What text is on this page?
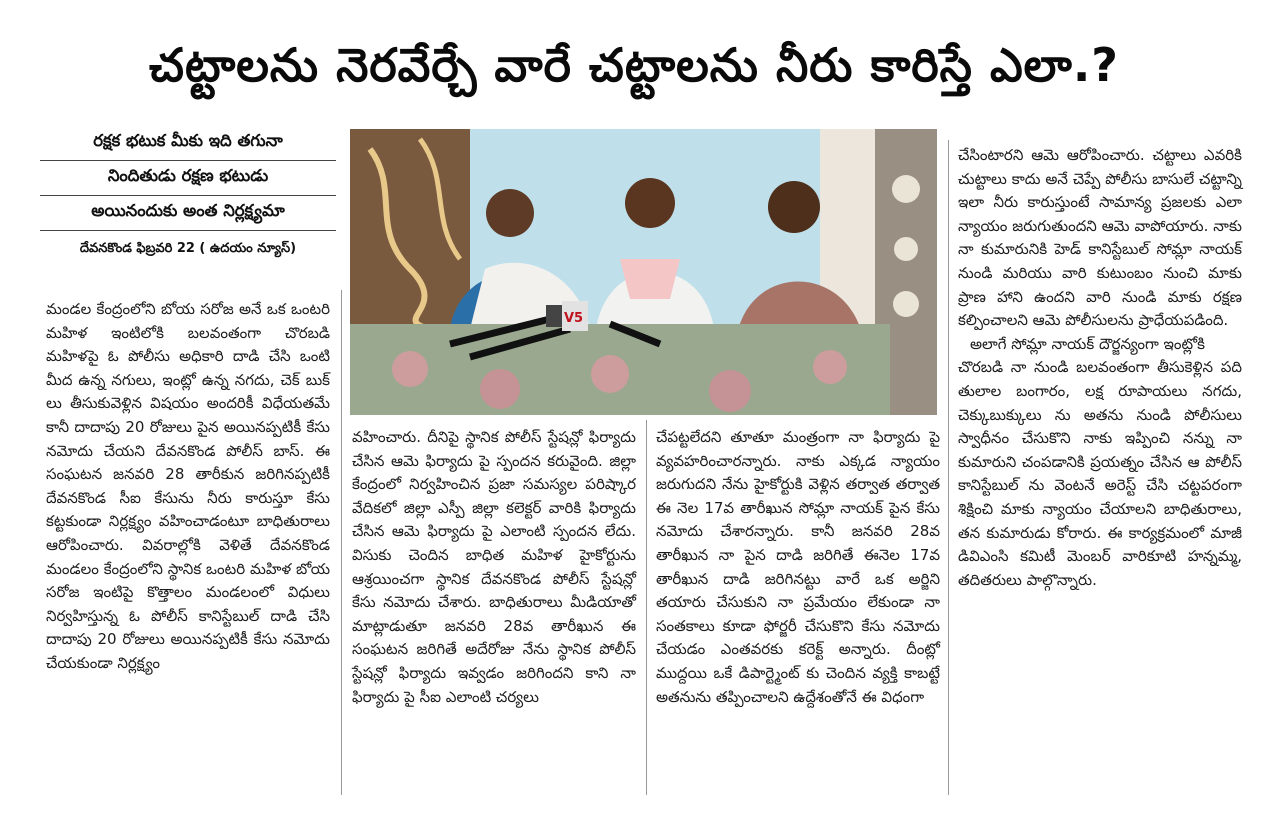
చట్టాలను నెరవేర్చే వారే చట్టాలను నీరు కారిస్తే ఎలా.?
రక్షక భటుక మీకు ఇది తగునా
నిందితుడు రక్షణ భటుడు
అయినందుకు అంత నిర్లక్ష్యమా
దేవనకొండ ఫిబ్రవరి 22 ( ఉదయం న్యూస్)

మండల కేంద్రంలోని బోయ సరోజ అనే ఒక ఒంటరి మహిళ ఇంటిలోకి బలవంతంగా చొరబడి మహిళపై ఓ పోలీసు అధికారి దాడి చేసి ఒంటి మీద ఉన్న నగులు, ఇంట్లో ఉన్న నగదు, చెక్ బుక్ లు తీసుకువెళ్లిన విషయం అందరికీ విధేయతమే కానీ దాదాపు 20 రోజులు పైన అయినప్పటికీ కేసు నమోదు చేయని దేవనకొండ పోలీస్ బాస్. ఈ సంఘటన జనవరి 28 తారీకున జరిగినప్పటికీ దేవనకొండ సీఐ కేసును నీరు కారుస్తూ కేసు కట్టకుండా నిర్లక్ష్యం వహించాడంటూ బాధితురాలు ఆరోపించారు. వివరాల్లోకి వెళితే దేవనకొండ మండలం కేంద్రంలోని స్థానిక ఒంటరి మహిళ బోయ సరోజ ఇంటిపై కొత్తాలం మండలంలో విధులు నిర్వహిస్తున్న ఓ పోలీస్ కానిస్టేబుల్ దాడి చేసి దాదాపు 20 రోజులు అయినప్పటికీ కేసు నమోదు చేయకుండా నిర్లక్ష్యం

V5

వహించారు. దీనిపై స్థానిక పోలీస్ స్టేషన్లో ఫిర్యాదు చేసిన ఆమె ఫిర్యాదు పై స్పందన కరువైంది. జిల్లా కేంద్రంలో నిర్వహించిన ప్రజా సమస్యల పరిష్కార వేదికలో జిల్లా ఎస్పీ జిల్లా కలెక్టర్ వారికి ఫిర్యాదు చేసిన ఆమె ఫిర్యాదు పై ఎలాంటి స్పందన లేదు. విసుకు చెందిన బాధిత మహిళ హైకోర్టును ఆశ్రయించగా స్థానిక దేవనకొండ పోలీస్ స్టేషన్లో కేసు నమోదు చేశారు. బాధితురాలు మీడియాతో మాట్లాడుతూ జనవరి 28వ తారీఖున ఈ సంఘటన జరిగితే అదేరోజు నేను స్థానిక పోలీస్ స్టేషన్లో ఫిర్యాదు ఇవ్వడం జరిగిందని కాని నా ఫిర్యాదు పై సీఐ ఎలాంటి చర్యలు

చేపట్టలేదని తూతూ మంత్రంగా నా ఫిర్యాదు పై వ్యవహరించారన్నారు. నాకు ఎక్కడ న్యాయం జరుగుదని నేను హైకోర్టుకి వెళ్లిన తర్వాత తర్వాత ఈ నెల 17వ తారీఖున సోమ్లా నాయక్ పైన కేసు నమోదు చేశారన్నారు. కానీ జనవరి 28వ తారీఖున నా పైన దాడి జరిగితే ఈనెల 17వ తారీఖున దాడి జరిగినట్టు వారే ఒక అర్జిని తయారు చేసుకుని నా ప్రమేయం లేకుండా నా సంతకాలు కూడా ఫోర్జరీ చేసుకొని కేసు నమోదు చేయడం ఎంతవరకు కరెక్ట్ అన్నారు. దీంట్లో ముద్దయి ఒకే డిపార్ట్మెంట్ కు చెందిన వ్యక్తి కాబట్టే అతనును తప్పించాలని ఉద్దేశంతోనే ఈ విధంగా

చేసింటారని ఆమె ఆరోపించారు. చట్టాలు ఎవరికి చుట్టాలు కాదు అనే చెప్పే పోలీసు బాసులే చట్టాన్ని ఇలా నీరు కారుస్తుంటే సామాన్య ప్రజలకు ఎలా న్యాయం జరుగుతుందని ఆమె వాపోయారు. నాకు నా కుమారునికి హెడ్ కానిస్టేబుల్ సోమ్లా నాయక్ నుండి మరియు వారి కుటుంబం నుంచి మాకు ప్రాణ హాని ఉందని వారి నుండి మాకు రక్షణ కల్పించాలని ఆమె పోలీసులను ప్రాధేయపడింది.

అలాగే సోమ్లా నాయక్ దౌర్జన్యంగా ఇంట్లోకి

చొరబడి నా నుండి బలవంతంగా తీసుకెళ్లిన పది తులాల బంగారం, లక్ష రూపాయలు నగదు, చెక్కుబుక్కులు ను అతను నుండి పోలీసులు స్వాధీనం చేసుకొని నాకు ఇప్పించి నన్ను నా కుమారుని చంపడానికి ప్రయత్నం చేసిన ఆ పోలీస్ కానిస్టేబుల్ ను వెంటనే అరెస్ట్ చేసి చట్టపరంగా శిక్షించి మాకు న్యాయం చేయాలని బాధితురాలు, తన కుమారుడు కోరారు. ఈ కార్యక్రమంలో మాజీ డివిఎంసి కమిటీ మెంబర్ వారికూటి హన్నమ్మ, తదితరులు పాల్గొన్నారు.
